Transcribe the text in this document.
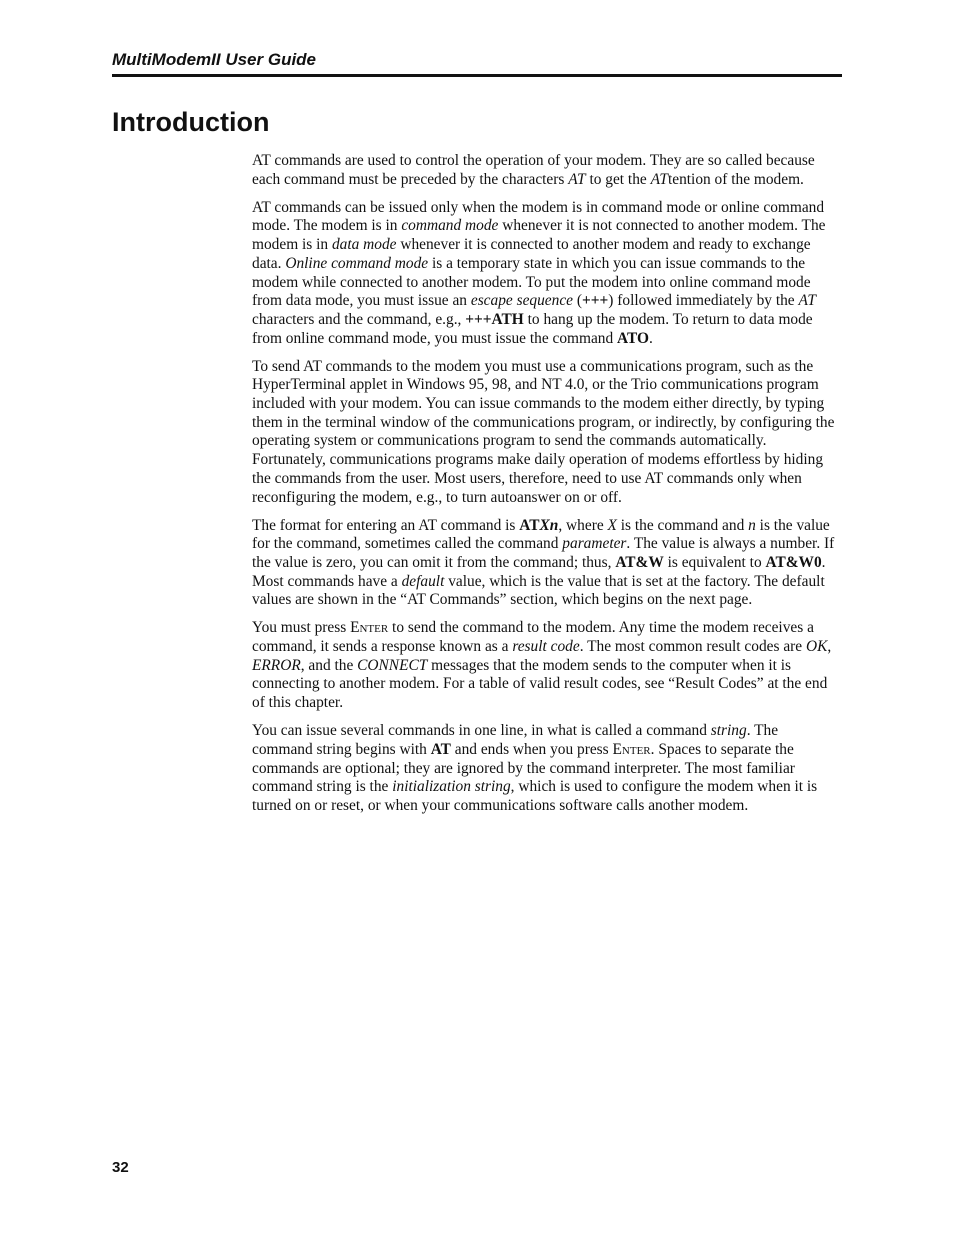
MultiModemII User Guide
Introduction

AT commands are used to control the operation of your modem. They are so called because each command must be preceded by the characters AT to get the ATtention of the modem.

AT commands can be issued only when the modem is in command mode or online command mode. The modem is in command mode whenever it is not connected to another modem. The modem is in data mode whenever it is connected to another modem and ready to exchange data. Online command mode is a temporary state in which you can issue commands to the modem while connected to another modem. To put the modem into online command mode from data mode, you must issue an escape sequence (+++) followed immediately by the AT characters and the command, e.g., +++ATH to hang up the modem. To return to data mode from online command mode, you must issue the command ATO.

To send AT commands to the modem you must use a communications program, such as the HyperTerminal applet in Windows 95, 98, and NT 4.0, or the Trio communications program included with your modem. You can issue commands to the modem either directly, by typing them in the terminal window of the communications program, or indirectly, by configuring the operating system or communications program to send the commands automatically. Fortunately, communications programs make daily operation of modems effortless by hiding the commands from the user. Most users, therefore, need to use AT commands only when reconfiguring the modem, e.g., to turn autoanswer on or off.

The format for entering an AT command is ATXn, where X is the command and n is the value for the command, sometimes called the command parameter. The value is always a number. If the value is zero, you can omit it from the command; thus, AT&W is equivalent to AT&W0. Most commands have a default value, which is the value that is set at the factory. The default values are shown in the “AT Commands” section, which begins on the next page.

You must press Enter to send the command to the modem. Any time the modem receives a command, it sends a response known as a result code. The most common result codes are OK, ERROR, and the CONNECT messages that the modem sends to the computer when it is connecting to another modem. For a table of valid result codes, see “Result Codes” at the end of this chapter.

You can issue several commands in one line, in what is called a command string. The command string begins with AT and ends when you press Enter. Spaces to separate the commands are optional; they are ignored by the command interpreter. The most familiar command string is the initialization string, which is used to configure the modem when it is turned on or reset, or when your communications software calls another modem.

32
